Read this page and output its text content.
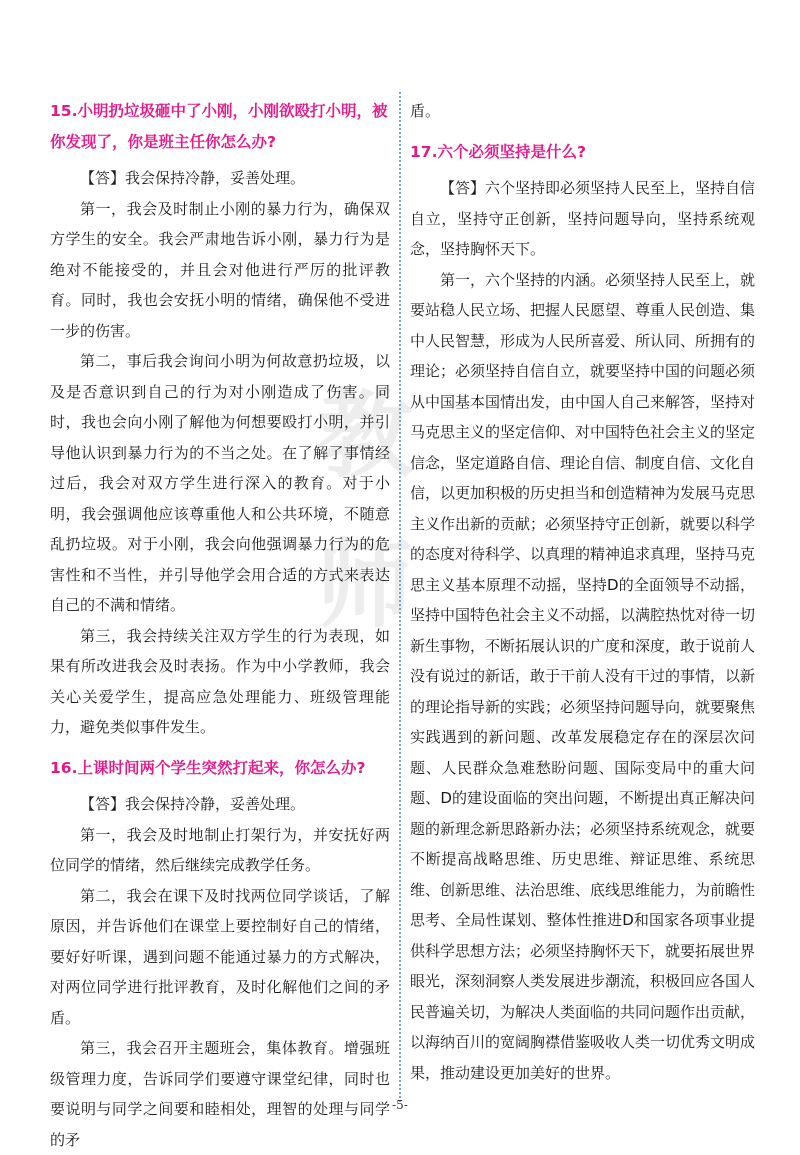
教师

15.小明扔垃圾砸中了小刚，小刚欲殴打小明，被你发现了，你是班主任你怎么办?

【答】我会保持冷静，妥善处理。

第一，我会及时制止小刚的暴力行为，确保双方学生的安全。我会严肃地告诉小刚，暴力行为是绝对不能接受的，并且会对他进行严厉的批评教育。同时，我也会安抚小明的情绪，确保他不受进一步的伤害。

第二，事后我会询问小明为何故意扔垃圾，以及是否意识到自己的行为对小刚造成了伤害。同时，我也会向小刚了解他为何想要殴打小明，并引导他认识到暴力行为的不当之处。在了解了事情经过后，我会对双方学生进行深入的教育。对于小明，我会强调他应该尊重他人和公共环境，不随意乱扔垃圾。对于小刚，我会向他强调暴力行为的危害性和不当性，并引导他学会用合适的方式来表达自己的不满和情绪。

第三，我会持续关注双方学生的行为表现，如果有所改进我会及时表扬。作为中小学教师，我会关心关爱学生，提高应急处理能力、班级管理能力，避免类似事件发生。

16.上课时间两个学生突然打起来，你怎么办?

【答】我会保持冷静，妥善处理。

第一，我会及时地制止打架行为，并安抚好两位同学的情绪，然后继续完成教学任务。

第二，我会在课下及时找两位同学谈话，了解原因，并告诉他们在课堂上要控制好自己的情绪，要好好听课，遇到问题不能通过暴力的方式解决，对两位同学进行批评教育，及时化解他们之间的矛盾。

第三，我会召开主题班会，集体教育。增强班级管理力度，告诉同学们要遵守课堂纪律，同时也要说明与同学之间要和睦相处，理智的处理与同学的矛

盾。

17.六个必须坚持是什么?

【答】六个坚持即必须坚持人民至上，坚持自信自立，坚持守正创新，坚持问题导向，坚持系统观念，坚持胸怀天下。

第一，六个坚持的内涵。必须坚持人民至上，就要站稳人民立场、把握人民愿望、尊重人民创造、集中人民智慧，形成为人民所喜爱、所认同、所拥有的理论；必须坚持自信自立，就要坚持中国的问题必须从中国基本国情出发，由中国人自己来解答，坚持对马克思主义的坚定信仰、对中国特色社会主义的坚定信念，坚定道路自信、理论自信、制度自信、文化自信，以更加积极的历史担当和创造精神为发展马克思主义作出新的贡献；必须坚持守正创新，就要以科学的态度对待科学、以真理的精神追求真理，坚持马克思主义基本原理不动摇，坚持D的全面领导不动摇，坚持中国特色社会主义不动摇，以满腔热忱对待一切新生事物，不断拓展认识的广度和深度，敢于说前人没有说过的新话，敢于干前人没有干过的事情，以新的理论指导新的实践；必须坚持问题导向，就要聚焦实践遇到的新问题、改革发展稳定存在的深层次问题、人民群众急难愁盼问题、国际变局中的重大问题、D的建设面临的突出问题，不断提出真正解决问题的新理念新思路新办法；必须坚持系统观念，就要不断提高战略思维、历史思维、辩证思维、系统思维、创新思维、法治思维、底线思维能力，为前瞻性思考、全局性谋划、整体性推进D和国家各项事业提供科学思想方法；必须坚持胸怀天下，就要拓展世界眼光，深刻洞察人类发展进步潮流，积极回应各国人民普遍关切，为解决人类面临的共同问题作出贡献，以海纳百川的宽阔胸襟借鉴吸收人类一切优秀文明成果，推动建设更加美好的世界。

-5-
